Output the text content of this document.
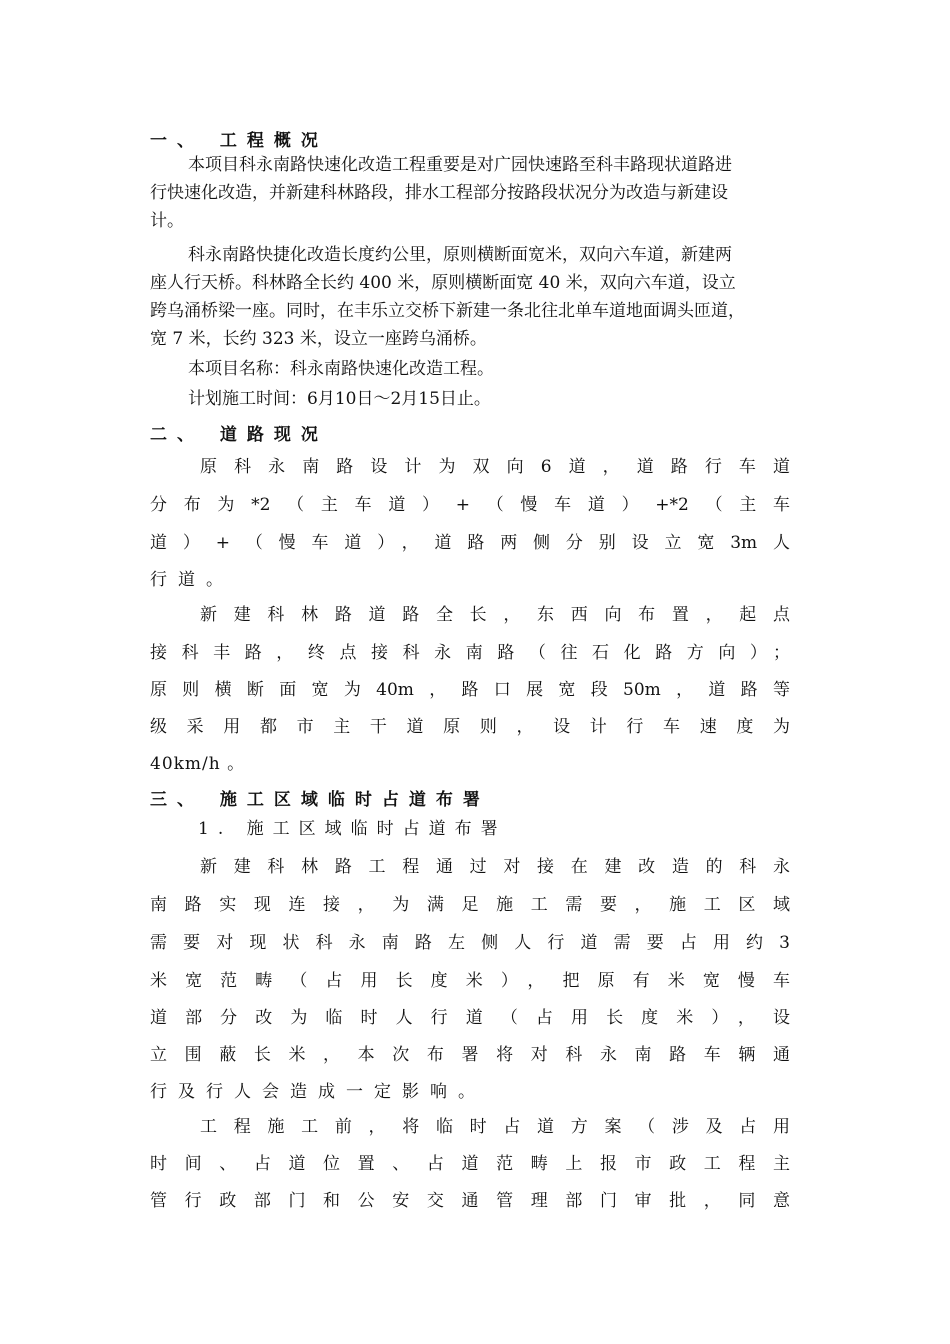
一、 工程概况
本项目科永南路快速化改造工程重要是对广园快速路至科丰路现状道路进
行快速化改造，并新建科林路段，排水工程部分按路段状况分为改造与新建设
计。
科永南路快捷化改造长度约公里，原则横断面宽米，双向六车道，新建两
座人行天桥。科林路全长约 400 米，原则横断面宽 40 米，双向六车道，设立
跨乌涌桥梁一座。同时，在丰乐立交桥下新建一条北往北单车道地面调头匝道，
宽 7 米，长约 323 米，设立一座跨乌涌桥。
本项目名称：科永南路快速化改造工程。
计划施工时间：6月10日～2月15日止。
二、 道路现况
原科永南路设计为双向6道，道路行车道
分布为*2（主车道）+（慢车道）+*2（主车
道）+（慢车道），道路两侧分别设立宽3m人
行道。
新建科林路道路全长，东西向布置，起点
接科丰路，终点接科永南路（往石化路方向）；
原则横断面宽为40m，路口展宽段50m，道路等
级采用都市主干道原则，设计行车速度为
40km/h 。
三、 施工区域临时占道布署
1. 施工区域临时占道布署
新建科林路工程通过对接在建改造的科永
南路实现连接，为满足施工需要，施工区域
需要对现状科永南路左侧人行道需要占用约3
米宽范畴（占用长度米），把原有米宽慢车
道部分改为临时人行道（占用长度米），设
立围蔽长米，本次布署将对科永南路车辆通
行及行人会造成一定影响。
工程施工前，将临时占道方案（涉及占用
时间、占道位置、占道范畴上报市政工程主
管行政部门和公安交通管理部门审批，同意
